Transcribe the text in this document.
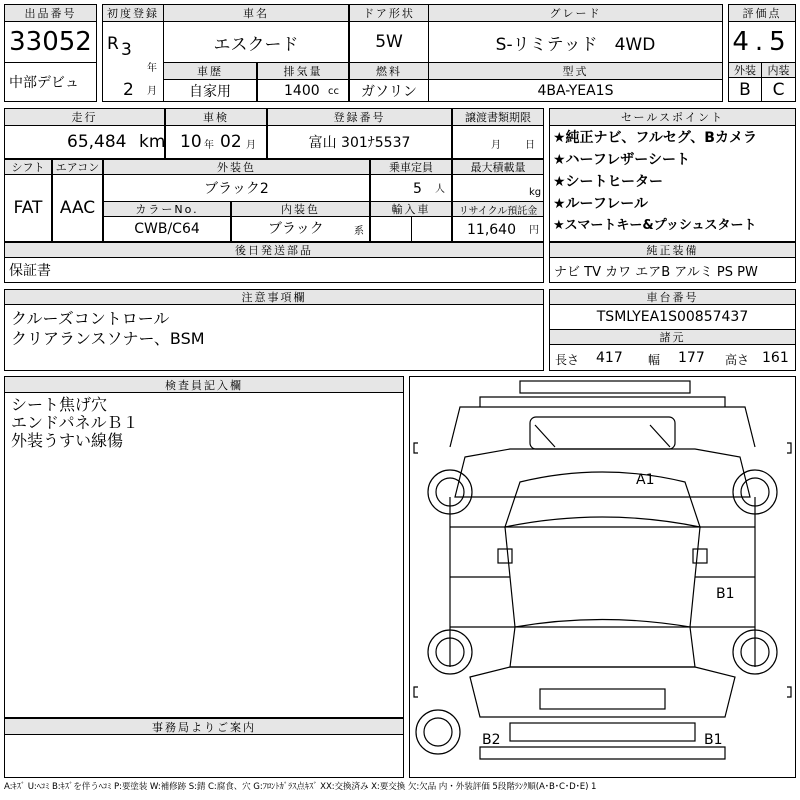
出品番号
33052
中部デビュ
初度登録
R 3
年
2 月
車名
エスクード
ドア形状
5W
グレード
S-リミテッド　4WD
車歴
自家用
排気量
1400 cc
燃料
ガソリン
型式
4BA-YEA1S
評価点
4.5
外装	内装
B	C
走行
65,484 km
車検
10 年 02 月
登録番号
富山 301ﾅ5537
譲渡書類期限
月 日
シフト
FAT
エアコン
AAC
外装色
ブラック2
乗車定員
5 人
最大積載量
kg
カラーNo.
CWB/C64
内装色
ブラック	系
輸入車	リサイクル預託金
11,640 円
後日発送部品
保証書
セールスポイント
★純正ナビ、フルセグ、Bカメラ
★ハーフレザーシート
★シートヒーター
★ルーフレール
★スマートキー&プッシュスタート
純正装備
ナビ TV カワ エアB アルミ PS PW
注意事項欄
クルーズコントロール
クリアランスソナー、BSM
車台番号
TSMLYEA1S00857437
諸元
長さ 417 幅 177 高さ 161
検査員記入欄
シート焦げ穴
エンドパネルＢ１
外装うすい線傷
事務局よりご案内
A1
B1
B2	B1
A:ｷｽﾞ U:ﾍｺﾐ B:ｷｽﾞを伴うﾍｺﾐ P:要塗装 W:補修跡 S:錆 C:腐食、穴 G:ﾌﾛﾝﾄｶﾞﾗｽ点ｷｽﾞ XX:交換済み X:要交換 欠:欠品 内・外装評価 5段階ﾗﾝｸ順(A･B･C･D･E) 1
